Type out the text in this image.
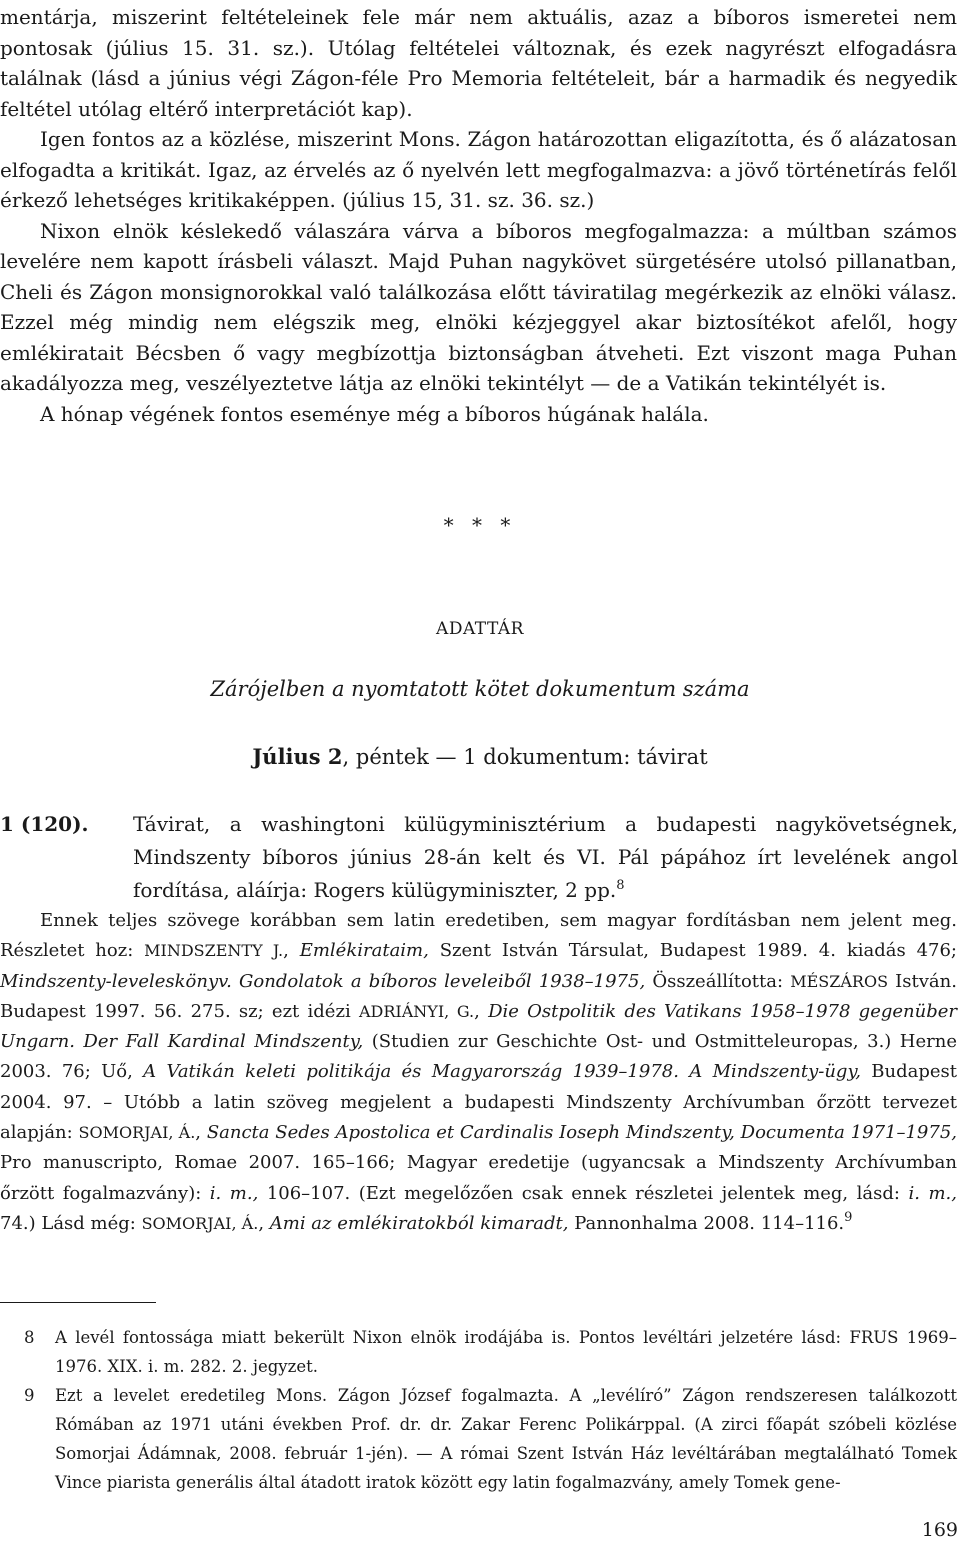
mentárja, miszerint feltételeinek fele már nem aktuális, azaz a bíboros ismeretei nem pontosak (július 15. 31. sz.). Utólag feltételei változnak, és ezek nagyrészt elfogadásra találnak (lásd a június végi Zágon-féle Pro Memoria feltételeit, bár a harmadik és negyedik feltétel utólag eltérő interpretációt kap).

Igen fontos az a közlése, miszerint Mons. Zágon határozottan eligazította, és ő alázatosan elfogadta a kritikát. Igaz, az érvelés az ő nyelvén lett megfogalmazva: a jövő történetírás felől érkező lehetséges kritikaképpen. (július 15, 31. sz. 36. sz.)

Nixon elnök késlekedő válaszára várva a bíboros megfogalmazza: a múltban számos levelére nem kapott írásbeli választ. Majd Puhan nagykövet sürgetésére utolsó pillanatban, Cheli és Zágon monsignorokkal való találkozása előtt táviratilag megérkezik az elnöki válasz. Ezzel még mindig nem elégszik meg, elnöki kézjeggyel akar biztosítékot afelől, hogy emlékiratait Bécsben ő vagy megbízottja biztonságban átveheti. Ezt viszont maga Puhan akadályozza meg, veszélyeztetve látja az elnöki tekintélyt — de a Vatikán tekintélyét is.

A hónap végének fontos eseménye még a bíboros húgának halála.

* * *
ADATTÁR
Zárójelben a nyomtatott kötet dokumentum száma
Július 2, péntek — 1 dokumentum: távirat
1 (120). Távirat, a washingtoni külügyminisztérium a budapesti nagykövetségnek, Mindszenty bíboros június 28-án kelt és VI. Pál pápához írt levelének angol fordítása, aláírja: Rogers külügyminiszter, 2 pp.$^8$

Ennek teljes szövege korábban sem latin eredetiben, sem magyar fordításban nem jelent meg. Részletet hoz: MINDSZENTY J., Emlékirataim, Szent István Társulat, Budapest 1989. 4. kiadás 476; Mindszenty-leveleskönyv. Gondolatok a bíboros leveleiből 1938–1975, Összeállította: MÉSZÁROS István. Budapest 1997. 56. 275. sz; ezt idézi ADRIÁNYI, G., Die Ostpolitik des Vatikans 1958–1978 gegenüber Ungarn. Der Fall Kardinal Mindszenty, (Studien zur Geschichte Ost- und Ostmitteleuropas, 3.) Herne 2003. 76; Uő, A Vatikán keleti politikája és Magyarország 1939–1978. A Mindszenty-ügy, Budapest 2004. 97. – Utóbb a latin szöveg megjelent a budapesti Mindszenty Archívumban őrzött tervezet alapján: SOMORJAI, Á., Sancta Sedes Apostolica et Cardinalis Ioseph Mindszenty, Documenta 1971–1975, Pro manuscripto, Romae 2007. 165–166; Magyar eredetije (ugyancsak a Mindszenty Archívumban őrzött fogalmazvány): i. m., 106–107. (Ezt megelőzően csak ennek részletei jelentek meg, lásd: i. m., 74.) Lásd még: SOMORJAI, Á., Ami az emlékiratokból kimaradt, Pannonhalma 2008. 114–116.$^9$

8 A levél fontossága miatt bekerült Nixon elnök irodájába is. Pontos levéltári jelzetére lásd: FRUS 1969–1976. XIX. i. m. 282. 2. jegyzet.

9 Ezt a levelet eredetileg Mons. Zágon József fogalmazta. A „levélíró” Zágon rendszeresen találkozott Rómában az 1971 utáni években Prof. dr. dr. Zakar Ferenc Polikárppal. (A zirci főapát szóbeli közlése Somorjai Ádámnak, 2008. február 1-jén). — A római Szent István Ház levéltárában megtalálható Tomek Vince piarista generális által átadott iratok között egy latin fogalmazvány, amely Tomek gene-

169
